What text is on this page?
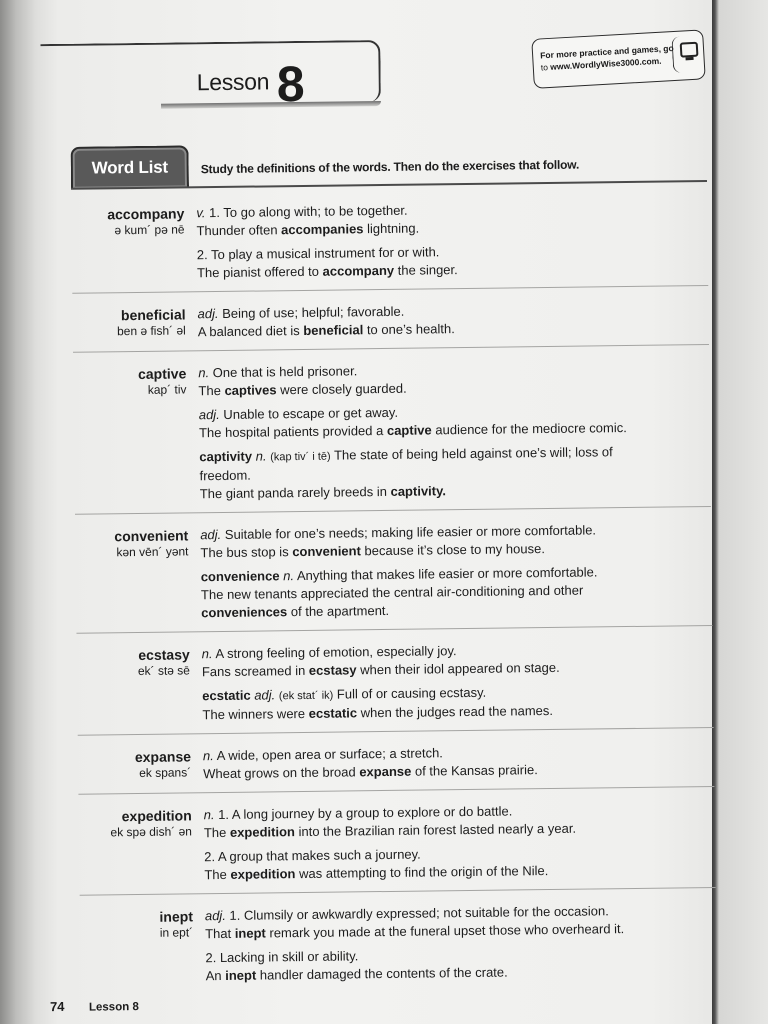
Lesson 8
For more practice and games, go
to www.WordlyWise3000.com.
Word List	Study the definitions of the words. Then do the exercises that follow.
accompany
ə kum´ pə nē
v. 1. To go along with; to be together.
Thunder often accompanies lightning.
2. To play a musical instrument for or with.
The pianist offered to accompany the singer.
beneficial
ben ə fish´ əl
adj. Being of use; helpful; favorable.
A balanced diet is beneficial to one’s health.
captive
kap´ tiv
n. One that is held prisoner.
The captives were closely guarded.
adj. Unable to escape or get away.
The hospital patients provided a captive audience for the mediocre comic.
captivity n. (kap tiv´ i tē) The state of being held against one’s will; loss of
freedom.
The giant panda rarely breeds in captivity.
convenient
kən vēn´ yənt
adj. Suitable for one’s needs; making life easier or more comfortable.
The bus stop is convenient because it’s close to my house.
convenience n. Anything that makes life easier or more comfortable.
The new tenants appreciated the central air-conditioning and other
conveniences of the apartment.
ecstasy
ek´ stə sē
n. A strong feeling of emotion, especially joy.
Fans screamed in ecstasy when their idol appeared on stage.
ecstatic adj. (ek stat´ ik) Full of or causing ecstasy.
The winners were ecstatic when the judges read the names.
expanse
ek spans´
n. A wide, open area or surface; a stretch.
Wheat grows on the broad expanse of the Kansas prairie.
expedition
ek spə dish´ ən
n. 1. A long journey by a group to explore or do battle.
The expedition into the Brazilian rain forest lasted nearly a year.
2. A group that makes such a journey.
The expedition was attempting to find the origin of the Nile.
inept
in ept´
adj. 1. Clumsily or awkwardly expressed; not suitable for the occasion.
That inept remark you made at the funeral upset those who overheard it.
2. Lacking in skill or ability.
An inept handler damaged the contents of the crate.
74 Lesson 8
